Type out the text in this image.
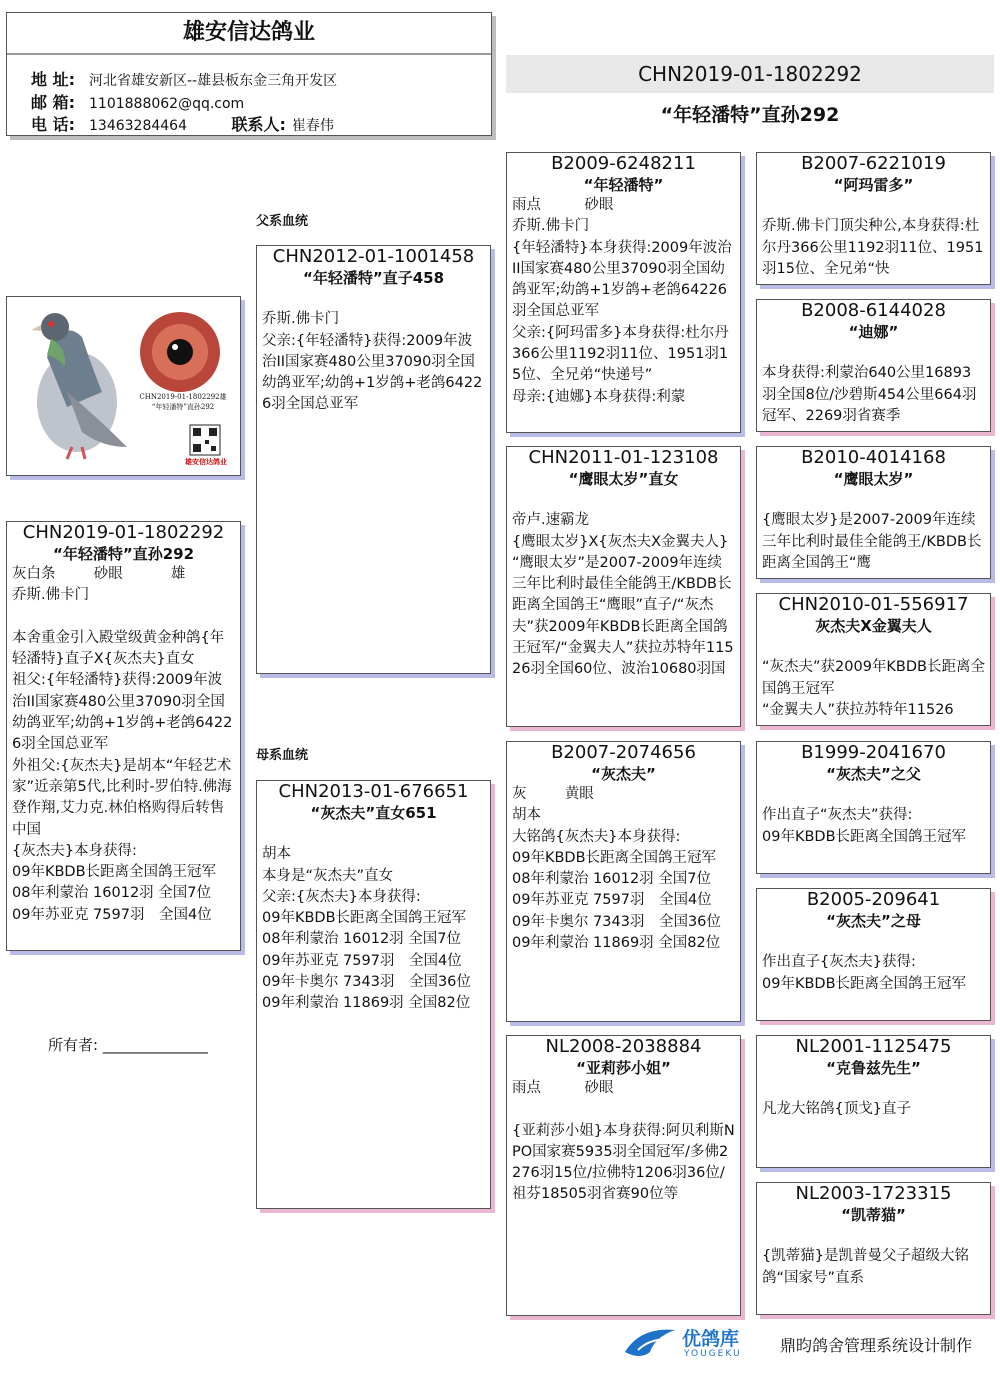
雄安信达鸽业
地 址: 河北省雄安新区--雄县板东金三角开发区
邮 箱: 1101888062@qq.com
电 话: 13463284464	联系人: 崔春伟
CHN2019-01-1802292
“年轻潘特”直孙292
父系血统
母系血统
CHN2019-01-1802292雄
“年轻潘特”直孙292
雄安信达鸽业
CHN2019-01-1802292
“年轻潘特”直孙292
灰白条　　  砂眼　　　 雄
乔斯.佛卡门

本舍重金引入殿堂级黄金种鸽{年轻潘特}直子X{灰杰夫}直女
祖父:{年轻潘特}获得:2009年波治II国家赛480公里37090羽全国幼鸽亚军;幼鸽+1岁鸽+老鸽64226羽全国总亚军
外祖父:{灰杰夫}是胡本“年轻艺术家”近亲第5代,比利时-罗伯特.佛海登作翔,艾力克.林伯格购得后转售中国
{灰杰夫}本身获得:
09年KBDB长距离全国鸽王冠军
08年利蒙治 16012羽 全国7位
09年苏亚克 7597羽　全国4位
CHN2012-01-1001458
“年轻潘特”直子458

乔斯.佛卡门
父亲:{年轻潘特}获得:2009年波治II国家赛480公里37090羽全国幼鸽亚军;幼鸽+1岁鸽+老鸽64226羽全国总亚军
CHN2013-01-676651
“灰杰夫”直女651

胡本
本身是“灰杰夫”直女
父亲:{灰杰夫}本身获得:
09年KBDB长距离全国鸽王冠军
08年利蒙治 16012羽 全国7位
09年苏亚克 7597羽　全国4位
09年卡奥尔 7343羽　全国36位
09年利蒙治 11869羽 全国82位
B2009-6248211
“年轻潘特”
雨点　　　砂眼
乔斯.佛卡门
{年轻潘特}本身获得:2009年波治II国家赛480公里37090羽全国幼鸽亚军;幼鸽+1岁鸽+老鸽64226羽全国总亚军
父亲:{阿玛雷多}本身获得:杜尔丹366公里1192羽11位、1951羽15位、全兄弟“快递号”
母亲:{迪娜}本身获得:利蒙
CHN2011-01-123108
“鹰眼太岁”直女

帝卢.速霸龙
{鹰眼太岁}X{灰杰夫X金翼夫人}
“鹰眼太岁”是2007-2009年连续三年比利时最佳全能鸽王/KBDB长距离全国鸽王“鹰眼”直子/“灰杰夫”获2009年KBDB长距离全国鸽王冠军/“金翼夫人”获拉苏特年11526羽全国60位、波治10680羽国
B2007-2074656
“灰杰夫”
灰　　  黄眼
胡本
大铭鸽{灰杰夫}本身获得:
09年KBDB长距离全国鸽王冠军
08年利蒙治 16012羽 全国7位
09年苏亚克 7597羽　全国4位
09年卡奥尔 7343羽　全国36位
09年利蒙治 11869羽 全国82位
NL2008-2038884
“亚莉莎小姐”
雨点　　　砂眼

{亚莉莎小姐}本身获得:阿贝利斯NPO国家赛5935羽全国冠军/多佛2276羽15位/拉佛特1206羽36位/祖芬18505羽省赛90位等
B2007-6221019
“阿玛雷多”

乔斯.佛卡门顶尖种公,本身获得:杜尔丹366公里1192羽11位、1951羽15位、全兄弟“快
B2008-6144028
“迪娜”

本身获得:利蒙治640公里16893羽全国8位/沙碧斯454公里664羽冠军、2269羽省赛季
B2010-4014168
“鹰眼太岁”

{鹰眼太岁}是2007-2009年连续三年比利时最佳全能鸽王/KBDB长距离全国鸽王“鹰
CHN2010-01-556917
灰杰夫X金翼夫人

“灰杰夫”获2009年KBDB长距离全国鸽王冠军
“金翼夫人”获拉苏特年11526
B1999-2041670
“灰杰夫”之父

作出直子“灰杰夫”获得:
09年KBDB长距离全国鸽王冠军
B2005-209641
“灰杰夫”之母

作出直子{灰杰夫}获得:
09年KBDB长距离全国鸽王冠军
NL2001-1125475
“克鲁兹先生”

凡龙大铭鸽{顶戈}直子
NL2003-1723315
“凯蒂猫”

{凯蒂猫}是凯普曼父子超级大铭鸽“国家号”直系
所有者: ______________
优鸽库
YOUGEKU 鼎昀鸽舍管理系统设计制作
